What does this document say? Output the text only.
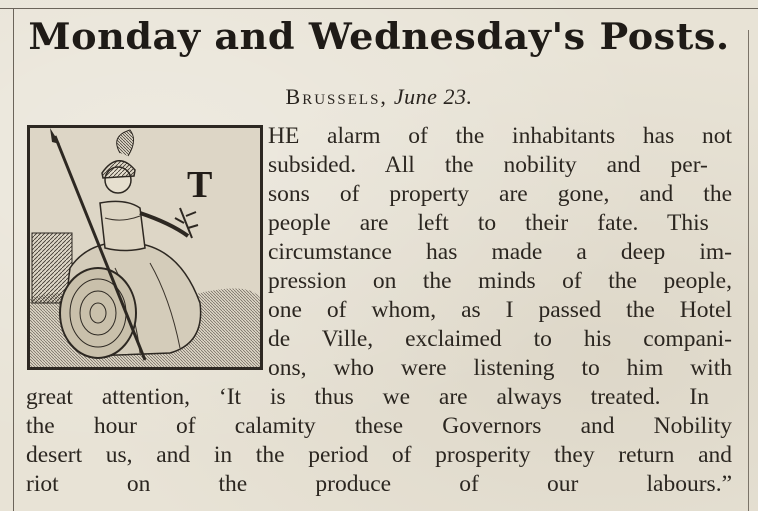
Monday and Wednesday's Posts.
Brussels, June 23.
T
HE alarm of the inhabitants has not
subsided. All the nobility and per-
sons of property are gone, and the
people are left to their fate. This
circumstance has made a deep im-
pression on the minds of the people,
one of whom, as I passed the Hotel
de Ville, exclaimed to his compani-
ons, who were listening to him with
great attention, ‘It is thus we are always treated. In
the hour of calamity these Governors and Nobility
desert us, and in the period of prosperity they return and
riot on the produce of our labours.”
